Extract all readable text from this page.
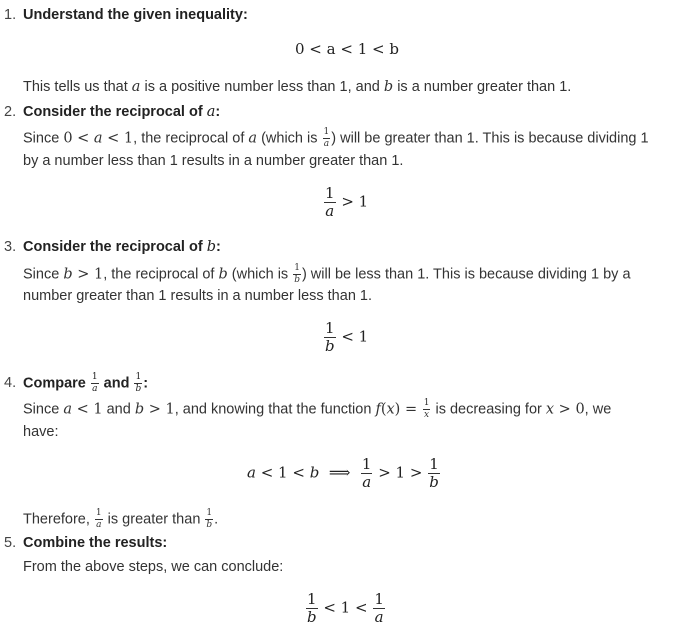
1. Understand the given inequality:
0 < a < 1 < b
This tells us that a is a positive number less than 1, and b is a number greater than 1.
2. Consider the reciprocal of a:
Since 0 < a < 1, the reciprocal of a (which is $\frac{1}{a}$ ) will be greater than 1. This is because dividing 1
by a number less than 1 results in a number greater than 1.
$\frac{1}{a} > 1$
3. Consider the reciprocal of b:
Since b > 1, the reciprocal of b (which is $\frac{1}{b}$ ) will be less than 1. This is because dividing 1 by a
number greater than 1 results in a number less than 1.
$\frac{1}{b} < 1$
4. Compare $\frac{1}{a}$ and $\frac{1}{b}$ :
Since a < 1 and b > 1, and knowing that the function $f(x) = \frac{1}{x}$ is decreasing for x > 0, we
have:
a < 1 < b  ⟹ $\frac{1}{a} > 1 > \frac{1}{b}$
Therefore, $\frac{1}{a}$ is greater than $\frac{1}{b}$ .
5. Combine the results:
From the above steps, we can conclude:
$\frac{1}{b} < 1 < \frac{1}{a}$
